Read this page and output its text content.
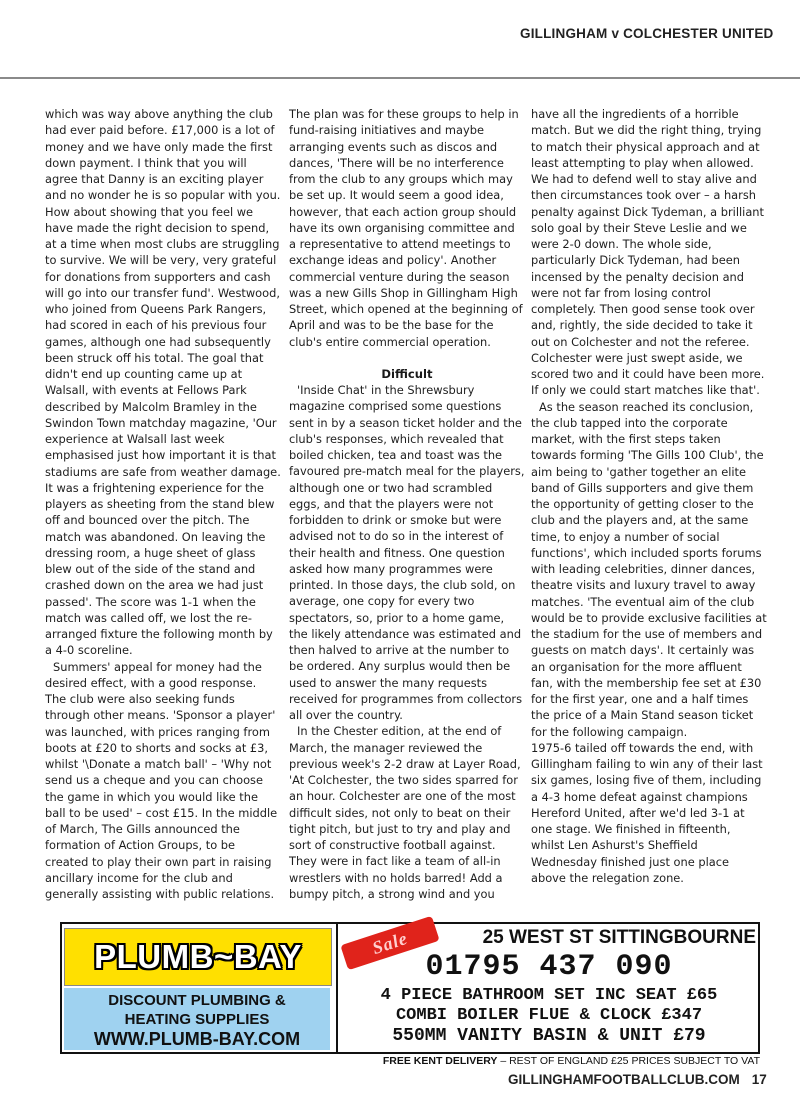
GILLINGHAM v COLCHESTER UNITED

which was way above anything the club had ever paid before. £17,000 is a lot of money and we have only made the first down payment. I think that you will agree that Danny is an exciting player and no wonder he is so popular with you. How about showing that you feel we have made the right decision to spend, at a time when most clubs are struggling to survive. We will be very, very grateful for donations from supporters and cash will go into our transfer fund'. Westwood, who joined from Queens Park Rangers, had scored in each of his previous four games, although one had subsequently been struck off his total. The goal that didn't end up counting came up at Walsall, with events at Fellows Park described by Malcolm Bramley in the Swindon Town matchday magazine, 'Our experience at Walsall last week emphasised just how important it is that stadiums are safe from weather damage. It was a frightening experience for the players as sheeting from the stand blew off and bounced over the pitch. The match was abandoned. On leaving the dressing room, a huge sheet of glass blew out of the side of the stand and crashed down on the area we had just passed'. The score was 1-1 when the match was called off, we lost the re-arranged fixture the following month by a 4-0 scoreline.

Summers' appeal for money had the desired effect, with a good response. The club were also seeking funds through other means. 'Sponsor a player' was launched, with prices ranging from boots at £20 to shorts and socks at £3, whilst '\Donate a match ball' – 'Why not send us a cheque and you can choose the game in which you would like the ball to be used' – cost £15. In the middle of March, The Gills announced the formation of Action Groups, to be created to play their own part in raising ancillary income for the club and generally assisting with public relations.

The plan was for these groups to help in fund-raising initiatives and maybe arranging events such as discos and dances, 'There will be no interference from the club to any groups which may be set up. It would seem a good idea, however, that each action group should have its own organising committee and a representative to attend meetings to exchange ideas and policy'. Another commercial venture during the season was a new Gills Shop in Gillingham High Street, which opened at the beginning of April and was to be the base for the club's entire commercial operation.

Difficult

'Inside Chat' in the Shrewsbury magazine comprised some questions sent in by a season ticket holder and the club's responses, which revealed that boiled chicken, tea and toast was the favoured pre-match meal for the players, although one or two had scrambled eggs, and that the players were not forbidden to drink or smoke but were advised not to do so in the interest of their health and fitness. One question asked how many programmes were printed. In those days, the club sold, on average, one copy for every two spectators, so, prior to a home game, the likely attendance was estimated and then halved to arrive at the number to be ordered. Any surplus would then be used to answer the many requests received for programmes from collectors all over the country.

In the Chester edition, at the end of March, the manager reviewed the previous week's 2-2 draw at Layer Road, 'At Colchester, the two sides sparred for an hour. Colchester are one of the most difficult sides, not only to beat on their tight pitch, but just to try and play and sort of constructive football against. They were in fact like a team of all-in wrestlers with no holds barred! Add a bumpy pitch, a strong wind and you

have all the ingredients of a horrible match. But we did the right thing, trying to match their physical approach and at least attempting to play when allowed. We had to defend well to stay alive and then circumstances took over – a harsh penalty against Dick Tydeman, a brilliant solo goal by their Steve Leslie and we were 2-0 down. The whole side, particularly Dick Tydeman, had been incensed by the penalty decision and were not far from losing control completely. Then good sense took over and, rightly, the side decided to take it out on Colchester and not the referee. Colchester were just swept aside, we scored two and it could have been more. If only we could start matches like that'.

As the season reached its conclusion, the club tapped into the corporate market, with the first steps taken towards forming 'The Gills 100 Club', the aim being to 'gather together an elite band of Gills supporters and give them the opportunity of getting closer to the club and the players and, at the same time, to enjoy a number of social functions', which included sports forums with leading celebrities, dinner dances, theatre visits and luxury travel to away matches. 'The eventual aim of the club would be to provide exclusive facilities at the stadium for the use of members and guests on match days'. It certainly was an organisation for the more affluent fan, with the membership fee set at £30 for the first year, one and a half times the price of a Main Stand season ticket for the following campaign.

1975-6 tailed off towards the end, with Gillingham failing to win any of their last six games, losing five of them, including a 4-3 home defeat against champions Hereford United, after we'd led 3-1 at one stage. We finished in fifteenth, whilst Len Ashurst's Sheffield Wednesday finished just one place above the relegation zone.

PLUMB~BAY
DISCOUNT PLUMBING &
HEATING SUPPLIES
WWW.PLUMB-BAY.COM
Sale	25 WEST ST SITTINGBOURNE
01795 437 090
4 PIECE BATHROOM SET INC SEAT £65
COMBI BOILER FLUE & CLOCK £347
550MM VANITY BASIN & UNIT £79
FREE KENT DELIVERY – REST OF ENGLAND £25 PRICES SUBJECT TO VAT
GILLINGHAMFOOTBALLCLUB.COM 17
